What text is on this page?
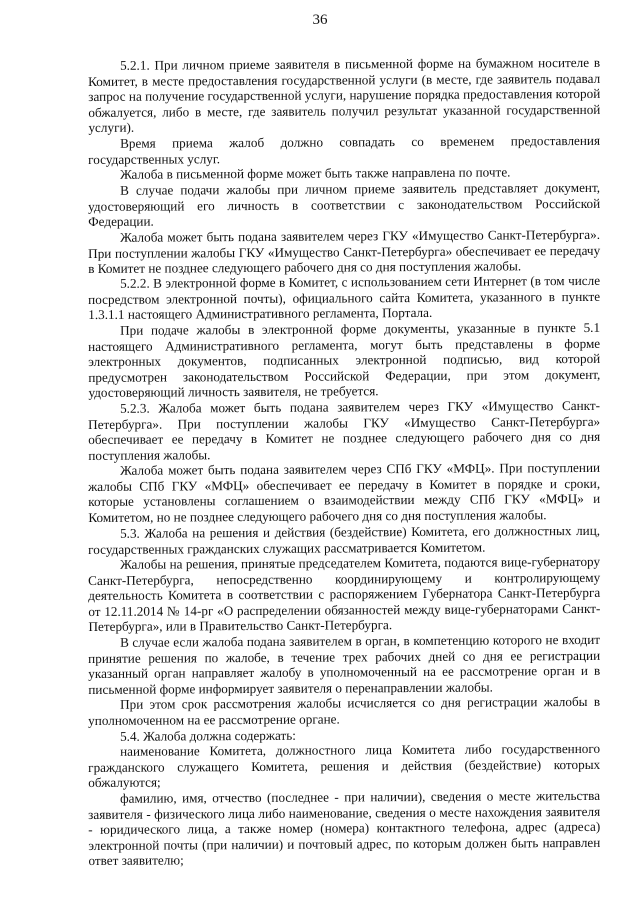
36

5.2.1. При личном приеме заявителя в письменной форме на бумажном носителе в Комитет, в месте предоставления государственной услуги (в месте, где заявитель подавал запрос на получение государственной услуги, нарушение порядка предоставления которой обжалуется, либо в месте, где заявитель получил результат указанной государственной услуги).

Время приема жалоб должно совпадать со временем предоставления государственных услуг.

Жалоба в письменной форме может быть также направлена по почте.

В случае подачи жалобы при личном приеме заявитель представляет документ, удостоверяющий его личность в соответствии с законодательством Российской Федерации.

Жалоба может быть подана заявителем через ГКУ «Имущество Санкт-Петербурга». При поступлении жалобы ГКУ «Имущество Санкт-Петербурга» обеспечивает ее передачу в Комитет не позднее следующего рабочего дня со дня поступления жалобы.

5.2.2. В электронной форме в Комитет, с использованием сети Интернет (в том числе посредством электронной почты), официального сайта Комитета, указанного в пункте 1.3.1.1 настоящего Административного регламента, Портала.

При подаче жалобы в электронной форме документы, указанные в пункте 5.1 настоящего Административного регламента, могут быть представлены в форме электронных документов, подписанных электронной подписью, вид которой предусмотрен законодательством Российской Федерации, при этом документ, удостоверяющий личность заявителя, не требуется.

5.2.3. Жалоба может быть подана заявителем через ГКУ «Имущество Санкт-Петербурга». При поступлении жалобы ГКУ «Имущество Санкт-Петербурга» обеспечивает ее передачу в Комитет не позднее следующего рабочего дня со дня поступления жалобы.

Жалоба может быть подана заявителем через СПб ГКУ «МФЦ». При поступлении жалобы СПб ГКУ «МФЦ» обеспечивает ее передачу в Комитет в порядке и сроки, которые установлены соглашением о взаимодействии между СПб ГКУ «МФЦ» и Комитетом, но не позднее следующего рабочего дня со дня поступления жалобы.

5.3. Жалоба на решения и действия (бездействие) Комитета, его должностных лиц, государственных гражданских служащих рассматривается Комитетом.

Жалобы на решения, принятые председателем Комитета, подаются вице-губернатору Санкт-Петербурга, непосредственно координирующему и контролирующему деятельность Комитета в соответствии с распоряжением Губернатора Санкт-Петербурга от 12.11.2014 № 14-рг «О распределении обязанностей между вице-губернаторами Санкт-Петербурга», или в Правительство Санкт-Петербурга.

В случае если жалоба подана заявителем в орган, в компетенцию которого не входит принятие решения по жалобе, в течение трех рабочих дней со дня ее регистрации указанный орган направляет жалобу в уполномоченный на ее рассмотрение орган и в письменной форме информирует заявителя о перенаправлении жалобы.

При этом срок рассмотрения жалобы исчисляется со дня регистрации жалобы в уполномоченном на ее рассмотрение органе.

5.4. Жалоба должна содержать:

наименование Комитета, должностного лица Комитета либо государственного гражданского служащего Комитета, решения и действия (бездействие) которых обжалуются;

фамилию, имя, отчество (последнее - при наличии), сведения о месте жительства заявителя - физического лица либо наименование, сведения о месте нахождения заявителя - юридического лица, а также номер (номера) контактного телефона, адрес (адреса) электронной почты (при наличии) и почтовый адрес, по которым должен быть направлен ответ заявителю;
